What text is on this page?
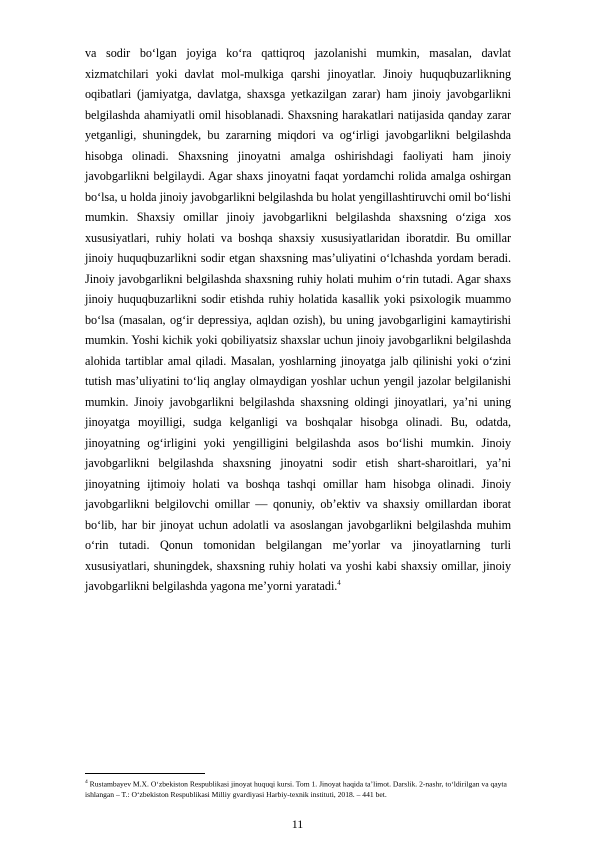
va sodir bo‘lgan joyiga ko‘ra qattiqroq jazolanishi mumkin, masalan, davlat xizmatchilari yoki davlat mol-mulkiga qarshi jinoyatlar. Jinoiy huquqbuzarlikning oqibatlari (jamiyatga, davlatga, shaxsga yetkazilgan zarar) ham jinoiy javobgarlikni belgilashda ahamiyatli omil hisoblanadi. Shaxsning harakatlari natijasida qanday zarar yetganligi, shuningdek, bu zararning miqdori va og‘irligi javobgarlikni belgilashda hisobga olinadi. Shaxsning jinoyatni amalga oshirishdagi faoliyati ham jinoiy javobgarlikni belgilaydi. Agar shaxs jinoyatni faqat yordamchi rolida amalga oshirgan bo‘lsa, u holda jinoiy javobgarlikni belgilashda bu holat yengillashtiruvchi omil bo‘lishi mumkin. Shaxsiy omillar jinoiy javobgarlikni belgilashda shaxsning o‘ziga xos xususiyatlari, ruhiy holati va boshqa shaxsiy xususiyatlaridan iboratdir. Bu omillar jinoiy huquqbuzarlikni sodir etgan shaxsning mas’uliyatini o‘lchashda yordam beradi. Jinoiy javobgarlikni belgilashda shaxsning ruhiy holati muhim o‘rin tutadi. Agar shaxs jinoiy huquqbuzarlikni sodir etishda ruhiy holatida kasallik yoki psixologik muammo bo‘lsa (masalan, og‘ir depressiya, aqldan ozish), bu uning javobgarligini kamaytirishi mumkin. Yoshi kichik yoki qobiliyatsiz shaxslar uchun jinoiy javobgarlikni belgilashda alohida tartiblar amal qiladi. Masalan, yoshlarning jinoyatga jalb qilinishi yoki o‘zini tutish mas’uliyatini to‘liq anglay olmaydigan yoshlar uchun yengil jazolar belgilanishi mumkin. Jinoiy javobgarlikni belgilashda shaxsning oldingi jinoyatlari, ya’ni uning jinoyatga moyilligi, sudga kelganligi va boshqalar hisobga olinadi. Bu, odatda, jinoyatning og‘irligini yoki yengilligini belgilashda asos bo‘lishi mumkin. Jinoiy javobgarlikni belgilashda shaxsning jinoyatni sodir etish shart-sharoitlari, ya’ni jinoyatning ijtimoiy holati va boshqa tashqi omillar ham hisobga olinadi. Jinoiy javobgarlikni belgilovchi omillar — qonuniy, ob’ektiv va shaxsiy omillardan iborat bo‘lib, har bir jinoyat uchun adolatli va asoslangan javobgarlikni belgilashda muhim o‘rin tutadi. Qonun tomonidan belgilangan me’yorlar va jinoyatlarning turli xususiyatlari, shuningdek, shaxsning ruhiy holati va yoshi kabi shaxsiy omillar, jinoiy javobgarlikni belgilashda yagona me’yorni yaratadi.$^4$

$^4$ Rustambayev M.X. O‘zbekiston Respublikasi jinoyat huquqi kursi. Tom 1. Jinoyat haqida ta’limot. Darslik. 2-nashr, to‘ldirilgan va qayta ishlangan – T.: O‘zbekiston Respublikasi Milliy gvardiyasi Harbiy-texnik instituti, 2018. – 441 bet.

11
